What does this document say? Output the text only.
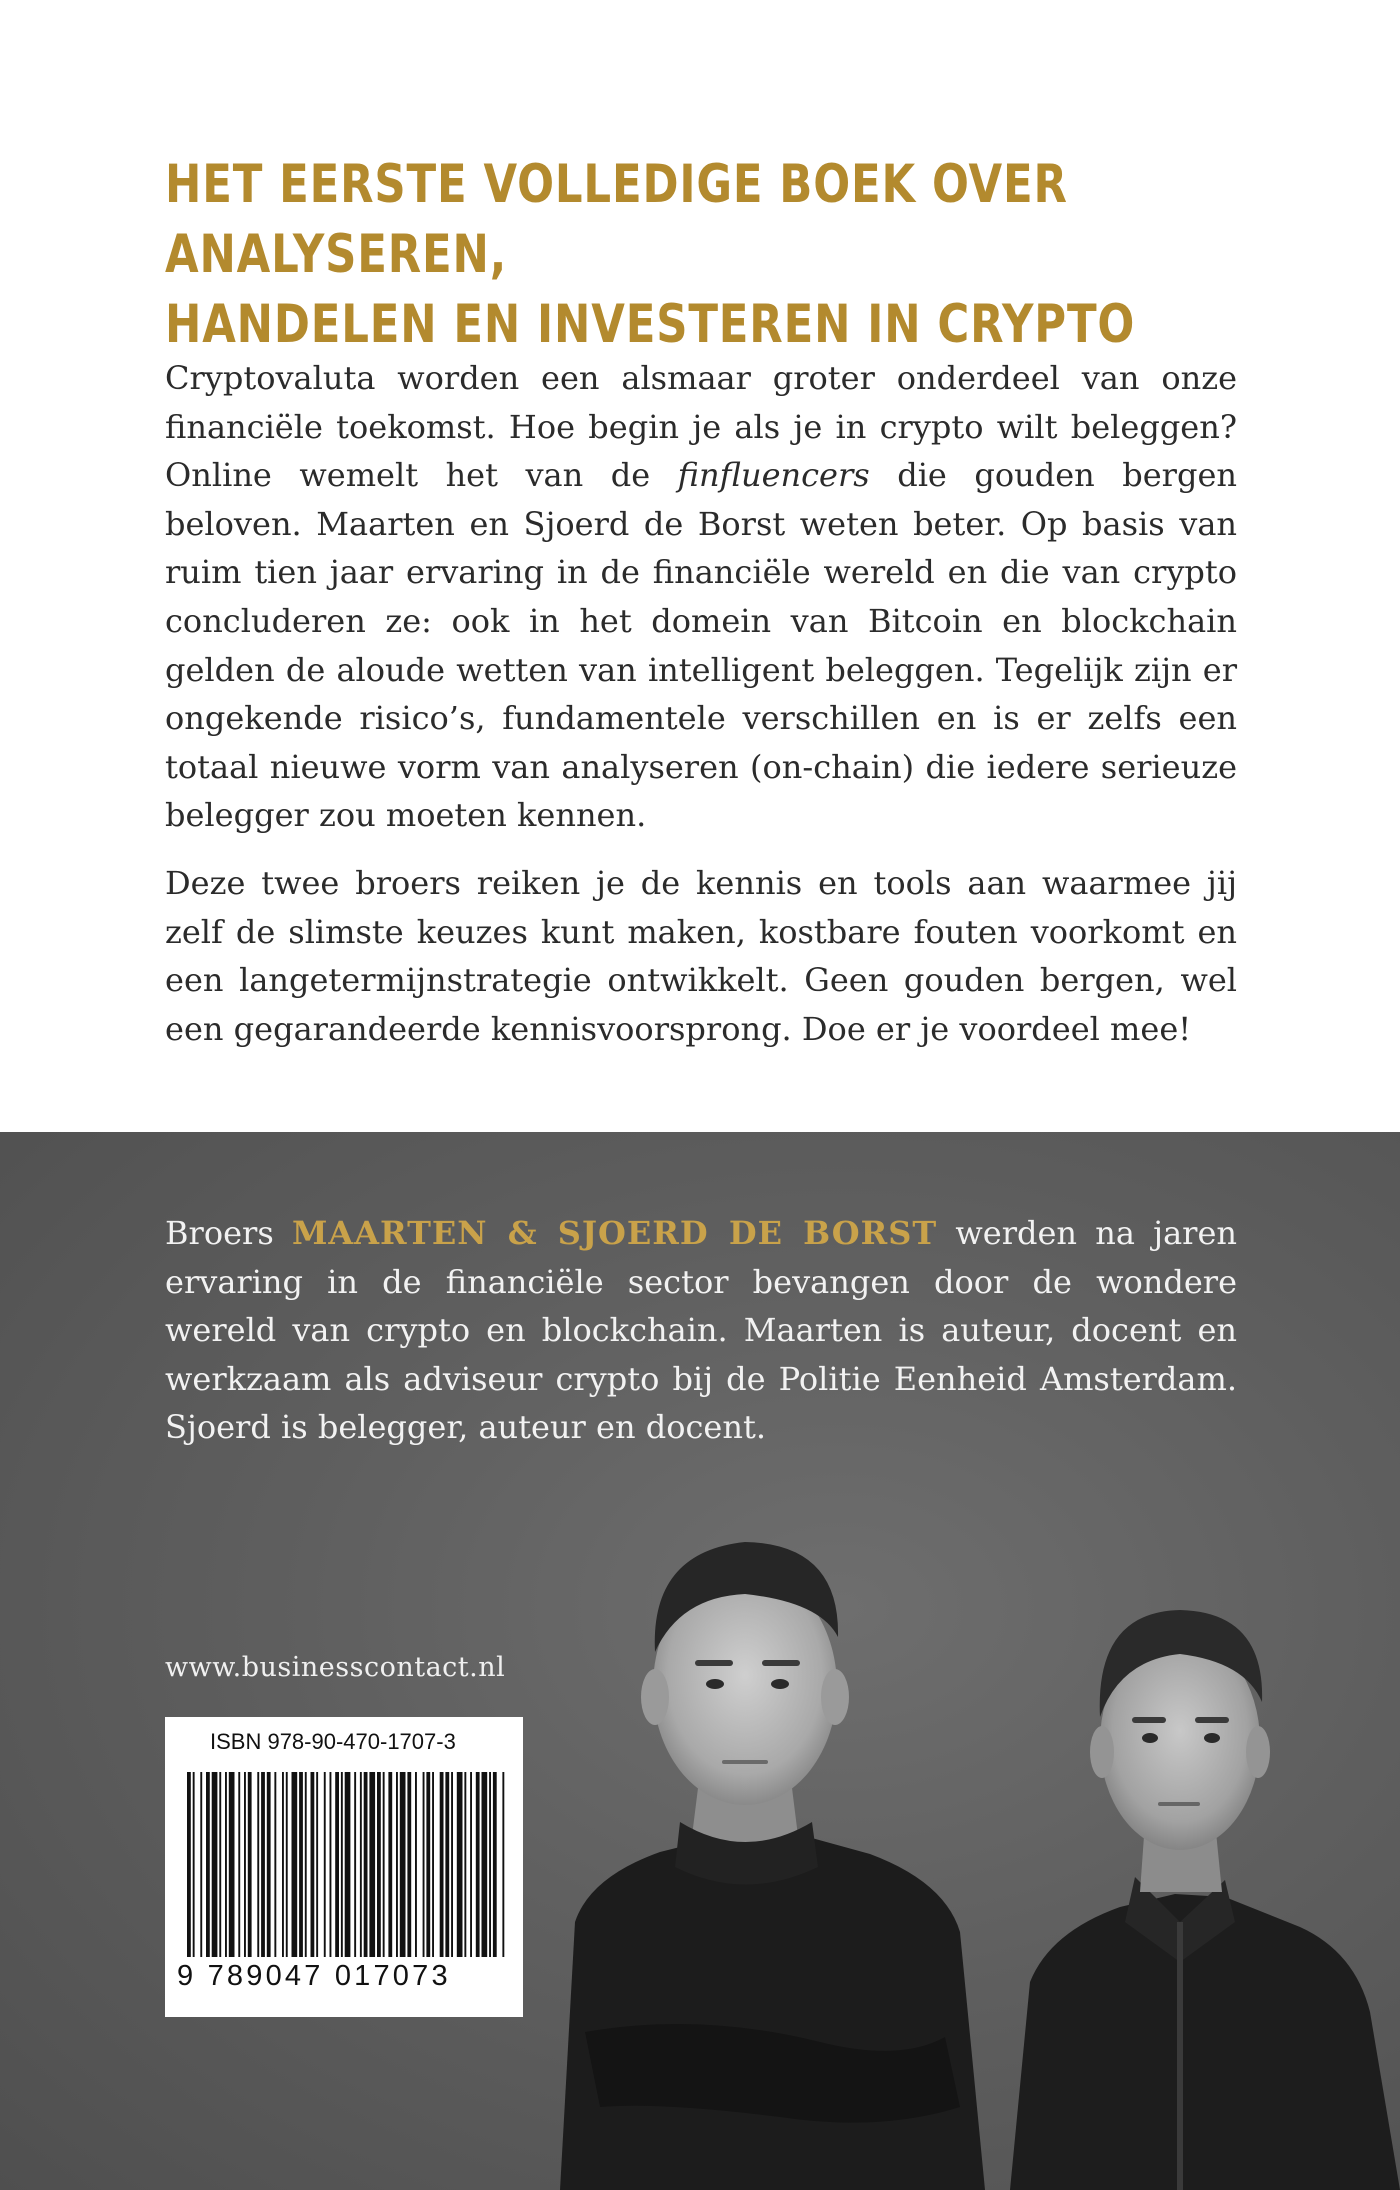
HET EERSTE VOLLEDIGE BOEK OVER ANALYSEREN,
HANDELEN EN INVESTEREN IN CRYPTO

Cryptovaluta worden een alsmaar groter onderdeel van onze financiële toekomst. Hoe begin je als je in crypto wilt beleggen? Online wemelt het van de finfluencers die gouden bergen beloven. Maarten en Sjoerd de Borst weten beter. Op basis van ruim tien jaar ervaring in de financiële wereld en die van crypto concluderen ze: ook in het domein van Bitcoin en blockchain gelden de aloude wetten van intelligent beleggen. Tegelijk zijn er ongekende risico’s, fundamentele verschillen en is er zelfs een totaal nieuwe vorm van analyseren (on-chain) die iedere serieuze belegger zou moeten kennen.

Deze twee broers reiken je de kennis en tools aan waarmee jij zelf de slimste keuzes kunt maken, kostbare fouten voorkomt en een langetermijnstrategie ontwikkelt. Geen gouden bergen, wel een gegarandeerde kennisvoorsprong. Doe er je voordeel mee!

Broers MAARTEN & SJOERD DE BORST werden na jaren ervaring in de financiële sector bevangen door de wondere wereld van crypto en blockchain. Maarten is auteur, docent en werkzaam als adviseur crypto bij de Politie Eenheid Amsterdam. Sjoerd is belegger, auteur en docent.

www.businesscontact.nl
ISBN 978-90-470-1707-3
9 789047 017073
